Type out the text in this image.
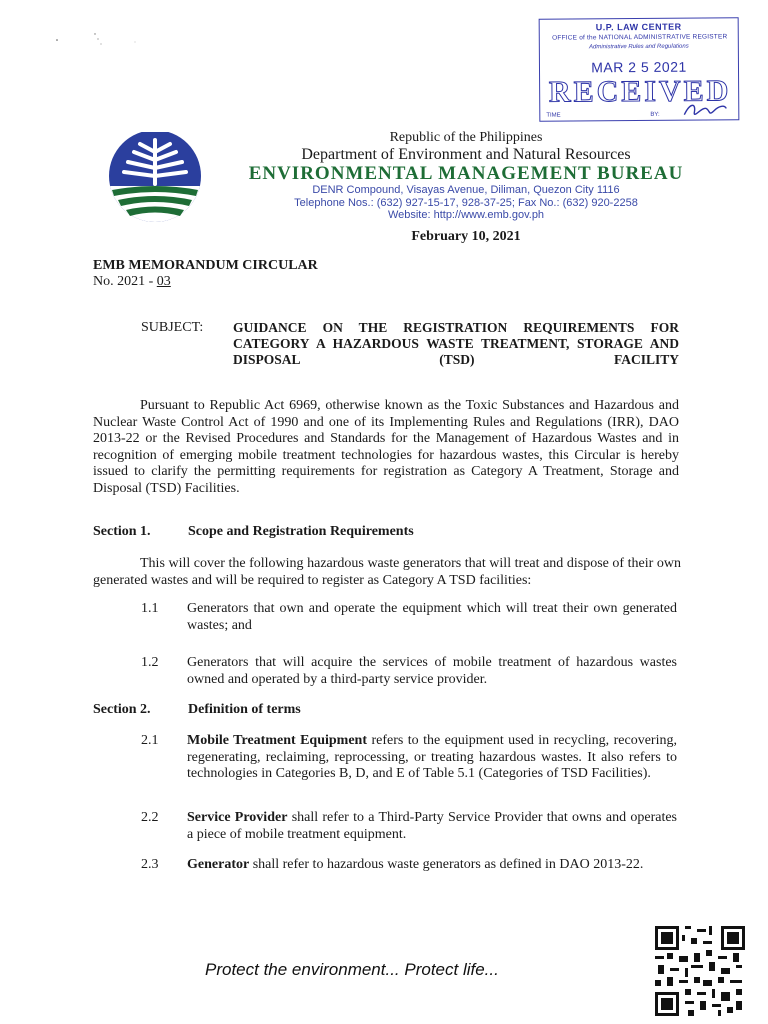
U.P. LAW CENTER
OFFICE of the NATIONAL ADMINISTRATIVE REGISTER
Administrative Rules and Regulations
MAR 2 5 2021
RECEIVED
TIME	BY:
Republic of the Philippines
Department of Environment and Natural Resources
ENVIRONMENTAL MANAGEMENT BUREAU
DENR Compound, Visayas Avenue, Diliman, Quezon City 1116
Telephone Nos.: (632) 927-15-17, 928-37-25; Fax No.: (632) 920-2258
Website: http://www.emb.gov.ph
February 10, 2021
EMB MEMORANDUM CIRCULAR
No. 2021 - 03
SUBJECT: GUIDANCE ON THE REGISTRATION REQUIREMENTS FOR CATEGORY A HAZARDOUS WASTE TREATMENT, STORAGE AND DISPOSAL (TSD) FACILITY
Pursuant to Republic Act 6969, otherwise known as the Toxic Substances and Hazardous and Nuclear Waste Control Act of 1990 and one of its Implementing Rules and Regulations (IRR), DAO 2013-22 or the Revised Procedures and Standards for the Management of Hazardous Wastes and in recognition of emerging mobile treatment technologies for hazardous wastes, this Circular is hereby issued to clarify the permitting requirements for registration as Category A Treatment, Storage and Disposal (TSD) Facilities.
Section 1.	Scope and Registration Requirements
This will cover the following hazardous waste generators that will treat and dispose of their own generated wastes and will be required to register as Category A TSD facilities:
1.1 Generators that own and operate the equipment which will treat their own generated wastes; and
1.2 Generators that will acquire the services of mobile treatment of hazardous wastes owned and operated by a third-party service provider.
Section 2.	Definition of terms
2.1 Mobile Treatment Equipment refers to the equipment used in recycling, recovering, regenerating, reclaiming, reprocessing, or treating hazardous wastes. It also refers to technologies in Categories B, D, and E of Table 5.1 (Categories of TSD Facilities).
2.2 Service Provider shall refer to a Third-Party Service Provider that owns and operates a piece of mobile treatment equipment.
2.3 Generator shall refer to hazardous waste generators as defined in DAO 2013-22.
Protect the environment... Protect life...
